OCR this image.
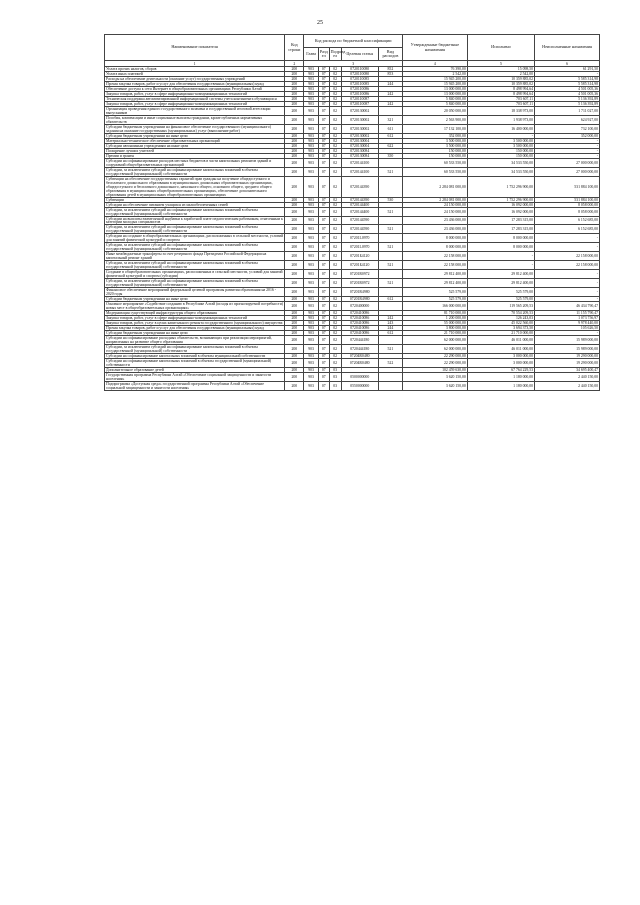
25
Наименование показателя	Код строки	Код расхода по бюджетной классификации					Утвержденные бюджетные назначения	Исполнено	Неисполненные назначения
		Глава	Разд ел	Подразд ел	Целевая статья	Вид расходов			
1	2	3					4	5	6
Уплата прочих налогов, сборов	200	903	07	02	0720110080	852	76 390,00	15 098,50	61 291,50
Уплата иных платежей	200	903	07	02	0720110080	853	2 542,00	2 542,00	-
Расходы на обеспечение деятельности (оказание услуг) государственных учреждений	200	903	07	02	0720110085		15 945 200,00	10 359 885,02	5 585 314,98
Прочая закупка товаров, работ и услуг для обеспечения государственных (муниципальных) нужд	200	903	07	02	0720110085	244	15 945 200,00	10 359 885,02	5 585 314,98
Обеспечение доступа к сети Интернет в общеобразовательных организациях Республики Алтай	200	903	07	02	0720110086		13 000 000,00	8 498 994,64	4 501 005,36
Закупка товаров, работ, услуг в сфере информационно-коммуникационных технологий	200	903	07	02	0720110086	242	13 000 000,00	8 498 994,64	4 501 005,36
Техническая поддержка автоматизированной информационной системы учета контингента обучающихся	200	903	07	02	0720110087		5 840 000,00	703 607,11	5 136 392,89
Закупка товаров, работ, услуг в сфере информационно-коммуникационных технологий	200	903	07	02	0720110087	242	5 840 000,00	703 607,11	5 136 392,89
Организация проведения единого государственного экзамена и государственной итоговой аттестации выпускников	200	903	07	02	0720130002		20 050 000,00	18 338 973,00	1 711 027,00
Пособия, компенсации и иные социальные выплаты гражданам, кроме публичных нормативных обязательств	200	903	07	02	0720130002	321	2 563 900,00	1 938 973,00	624 927,00
Субсидии бюджетным учреждениям на финансовое обеспечение государственного (муниципального) задания на оказание государственных (муниципальных) услуг (выполнение работ)	200	903	07	02	0720130002	611	17 132 100,00	16 400 000,00	732 100,00
Субсидии бюджетным учреждениям на иные цели	200	903	07	02	0720130002	612	352 000,00	-	352 000,00
Материально-техническое обеспечение образовательных организаций	200	903	07	02	0720130004		3 500 000,00	3 500 000,00	-
Субсидии автономным учреждениям на иные цели	200	903	07	02	0720130004	622	3 500 000,00	3 500 000,00	-
Поощрение лучших учителей	200	903	07	02	0720130084		150 000,00	150 000,00	-
Премии и гранты	200	903	07	02	0720130084	350	150 000,00	150 000,00	-
Субсидии на софинансирование расходов местных бюджетов в части капитальных ремонтов зданий и сооружений общеобразовательных организаций	200	903	07	02	0720144100		60 533 550,00	34 533 550,00	27 000 000,00
Субсидии, за исключением субсидий на софинансирование капитальных вложений в объекты государственной (муниципальной) собственности	200	903	07	02	0720144100	521	60 533 550,00	34 533 550,00	27 000 000,00
Субвенции на обеспечение государственных гарантий прав граждан на получение общедоступного и бесплатного дошкольного образования в муниципальных дошкольных образовательных организациях, общедоступного и бесплатного дошкольного, начального общего, основного общего, среднего общего образования в муниципальных общеобразовательных организациях, обеспечение дополнительного образования детей в муниципальных общеобразовательных организациях	200	903	07	02	0720144390		2 284 081 000,00	1 752 296 900,00	531 884 100,00
Субвенции	200	903	07	02	0720144390	530	2 284 081 000,00	1 752 296 900,00	531 884 100,00
Субсидии на обеспечение питанием учащихся из малообеспеченных семей	200	903	07	02	0720144400		24 150 000,00	16 092 000,00	8 058 000,00
Субсидии, за исключением субсидий на софинансирование капитальных вложений в объекты государственной (муниципальной) собственности	200	903	07	02	0720144400	521	24 150 000,00	16 092 000,00	8 058 000,00
Субсидии на выплаты ежемесячной надбавки к заработной плате педагогическим работникам, отнесенным к категории молодых специалистов	200	903	07	02	0720144590		23 436 000,00	17 283 315,00	6 152 685,00
Субсидии, за исключением субсидий на софинансирование капитальных вложений в объекты государственной (муниципальной) собственности	200	903	07	02	0720144590	521	23 436 000,00	17 283 315,00	6 152 685,00
Субсидии на создание в общеобразовательных организациях, расположенных в сельской местности, условий для занятий физической культурой и спортом	200	903	07	02	07201L0970		8 000 000,00	8 000 000,00	-
Субсидии, за исключением субсидий на софинансирование капитальных вложений в объекты государственной (муниципальной) собственности	200	903	07	02	07201L0970	521	8 000 000,00	8 000 000,00	-
Иные межбюджетные трансферты за счет резервного фонда Президента Российской Федерации на капитальный ремонт зданий	200	903	07	02	07201Б4120		22 158 000,00	-	22 158 000,00
Субсидии, за исключением субсидий на софинансирование капитальных вложений в объекты государственной (муниципальной) собственности	200	903	07	02	07201Б4120	521	22 158 000,00	-	22 158 000,00
Создание в общеобразовательных организациях, расположенных в сельской местности, условий для занятий физической культурой и спортом (субсидии)	200	903	07	02	07201R0972		29 812 400,00	29 812 400,00	-
Субсидии, за исключением субсидий на софинансирование капитальных вложений в объекты государственной (муниципальной) собственности	200	903	07	02	07201R0972	521	29 812 400,00	29 812 400,00	-
Финансовое обеспечение мероприятий федеральной целевой программы развития образования на 2016 - 2020 годы	200	903	07	02	07201R4980		525 579,00	525 579,00	-
Субсидии бюджетным учреждениям на иные цели	200	903	07	02	07201R4980	612	525 579,00	525 579,00	-
Основное мероприятие «Содействие созданию в Республике Алтай (исходя из прогнозируемой потребности) новых мест в общеобразовательных организациях»	200	903	07	02	0720400000		166 000 000,00	119 565 209,53	46 434 790,47
Модернизация существующей инфраструктуры общего образования	200	903	07	02	0720410086		81 710 000,00	70 554 209,53	11 155 790,47
Закупка товаров, работ, услуг в сфере информационно-коммуникационных технологий	200	903	07	02	0720410086	242	1 200 000,00	126 243,03	1 073 756,97
Закупка товаров, работ, услуг в целях капитального ремонта государственного (муниципального) имущества	200	903	07	02	0720410086	243	55 000 000,00	45 022 560,00	9 978 440,00
Прочая закупка товаров, работ и услуг для обеспечения государственных (муниципальных) нужд	200	903	07	02	0720410086	244	3 800 000,00	3 694 373,50	105 626,50
Субсидии бюджетным учреждениям на иные цели	200	903	07	02	0720410086	612	21 710 000,00	21 710 000,00	-
Субсидии на софинансирование расходных обязательств, возникающих при реализации мероприятий, направленных на развитие общего образования	200	903	07	02	0720444180		62 000 000,00	46 011 000,00	15 989 000,00
Субсидии, за исключением субсидий на софинансирование капитальных вложений в объекты государственной (муниципальной) собственности	200	903	07	02	0720444180	521	62 000 000,00	46 011 000,00	15 989 000,00
Субсидии на софинансирование капитальных вложений в объекты муниципальной собственности	200	903	07	02	07204R0480		22 290 000,00	3 000 000,00	19 290 000,00
Субсидии на софинансирование капитальных вложений в объекты государственной (муниципальной) собственности	200	903	07	02	07204R0480	522	22 290 000,00	3 000 000,00	19 290 000,00
Дополнительное образование детей	200	903	07	03			102 459 630,00	67 764 229,53	34 695 400,47
Государственная программа Республики Алтай «Обеспечение социальной защищенности и занятости населения»	200	903	07	03	0500000000		3 620 150,00	1 180 000,00	2 440 150,00
Подпрограмма «Доступная среда» государственной программы Республики Алтай «Обеспечение социальной защищенности и занятости населения»	200	903	07	03	0550000000		3 620 150,00	1 180 000,00	2 440 150,00
